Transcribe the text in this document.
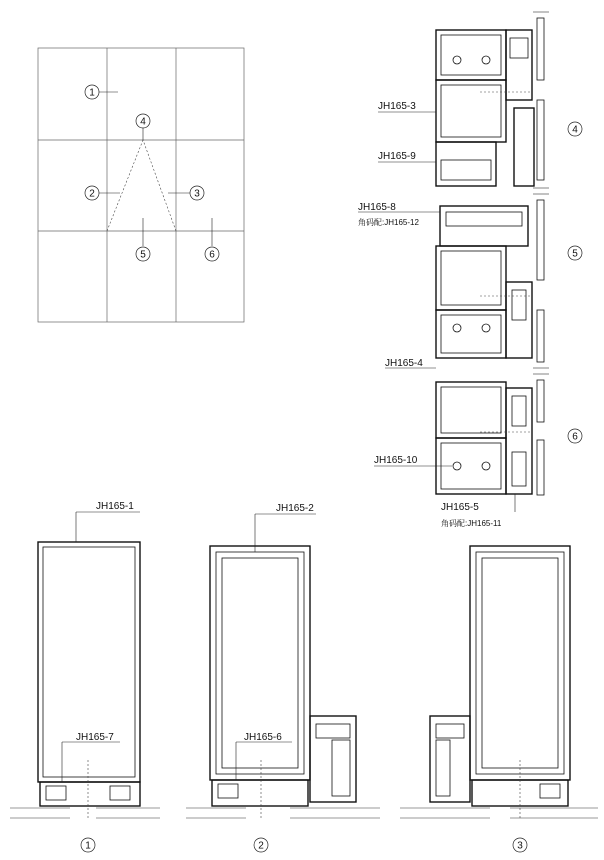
1
4
2	3
5	6
JH165-3
JH165-9
JH165-8
角码配:JH165-12
JH165-4
JH165-10
JH165-5
角码配:JH165-11
4
5
6
JH165-1
JH165-7
1
JH165-2
JH165-6
2	3
